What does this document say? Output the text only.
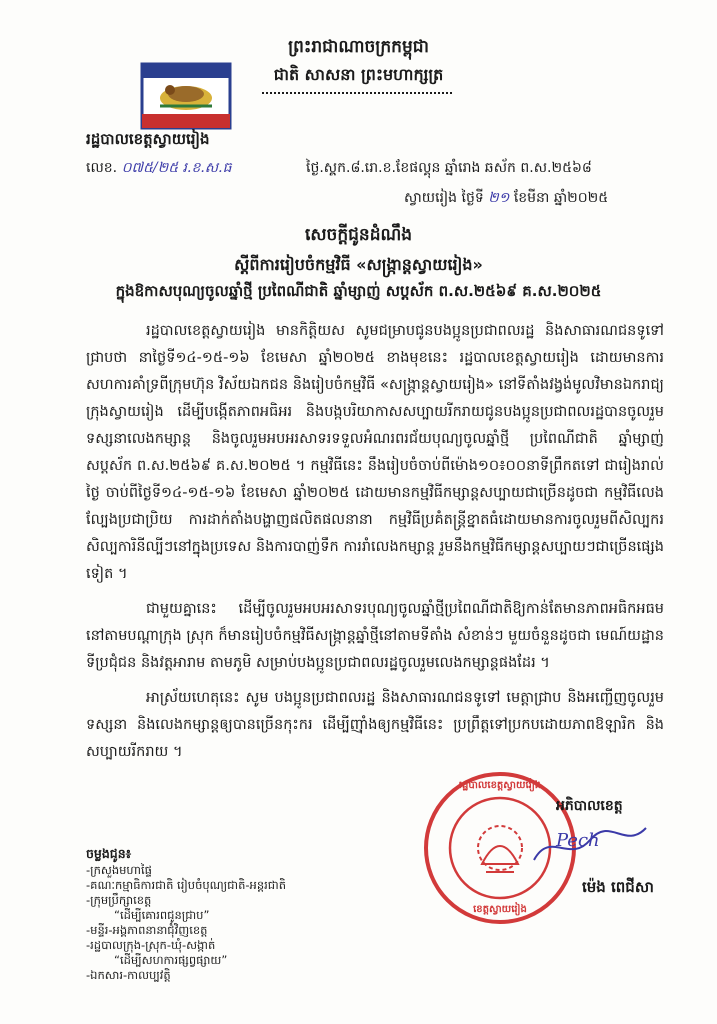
ព្រះរាជាណាចក្រកម្ពុជា
ជាតិ សាសនា ព្រះមហាក្សត្រ
រដ្ឋបាលខេត្តស្វាយរៀង
លេខ. ០៧៥/២៥ រ.ខ.ស.ធ	ថ្ងៃ.ស្ថ្កក.៨.រោ.ខ.ខែផល្គុន ឆ្នាំរោង ឆស័ក ព.ស.២៥៦៨
ស្វាយរៀង ថ្ងៃទី ២១ ខែមីនា ឆ្នាំ២០២៥
សេចក្តីជូនដំណឹង
ស្តីពីការរៀបចំកម្មវិធី «សង្រ្កាន្តស្វាយរៀង»
ក្នុងឱកាសបុណ្យចូលឆ្នាំថ្មី ប្រពៃណីជាតិ ឆ្នាំម្សាញ់ សប្តស័ក ព.ស.២៥៦៩ គ.ស.២០២៥

រដ្ឋបាលខេត្តស្វាយរៀង មានកិត្តិយស សូមជម្រាបជូនបងប្អូនប្រជាពលរដ្ឋ និងសាធារណជនទូទៅ ជ្រាបថា នាថ្ងៃទី១៤-១៥-១៦ ខែមេសា ឆ្នាំ២០២៥ ខាងមុខនេះ រដ្ឋបាលខេត្តស្វាយរៀង ដោយមានការសហការគាំទ្រពីក្រុមហ៊ុន វិស័យឯកជន និងរៀបចំកម្មវិធី «សង្រ្កាន្តស្វាយរៀង» នៅទីតាំងវង្វង់មូលវិមានឯករាជ្យ ក្រុងស្វាយរៀង ដើម្បីបង្កើតភាពអធិអរ និងបង្កបរិយាកាសសប្បាយរីករាយជូនបងប្អូនប្រជាពលរដ្ឋបានចូលរួមទស្សនាលេងកម្សាន្ត និងចូលរួមអបអរសាទរទទួលអំណរពរជ័យបុណ្យចូលឆ្នាំថ្មី ប្រពៃណីជាតិ ឆ្នាំម្សាញ់ សប្តស័ក ព.ស.២៥៦៩ គ.ស.២០២៥ ។ កម្មវិធីនេះ នឹងរៀបចំចាប់ពីម៉ោង១០៖០០នាទីព្រឹកតទៅ ជារៀងរាល់ថ្ងៃ ចាប់ពីថ្ងៃទី១៤-១៥-១៦ ខែមេសា ឆ្នាំ២០២៥ ដោយមានកម្មវិធីកម្សាន្តសប្បាយជាច្រើនដូចជា កម្មវិធីលេងល្បែងប្រជាប្រិយ ការដាក់តាំងបង្ហាញផលិតផលនានា កម្មវិធីប្រគំតន្រ្តីខ្នាតធំដោយមានការចូលរួមពីសិល្បករ សិល្បការិនីល្បីៗនៅក្នុងប្រទេស និងការបាញ់ទឹក ការរាំលេងកម្សាន្ត រួមនឹងកម្មវិធីកម្សាន្តសប្បាយៗជាច្រើនផ្សេងទៀត ។

ជាមួយគ្នានេះ ដើម្បីចូលរួមអបអរសាទរបុណ្យចូលឆ្នាំថ្មីប្រពៃណីជាតិឱ្យកាន់តែមានភាពអធិកអធម នៅតាមបណ្តាក្រុង ស្រុក ក៏មានរៀបចំកម្មវិធីសង្រ្កាន្តឆ្នាំថ្មីនៅតាមទីតាំង សំខាន់ៗ មួយចំនួនដូចជា មេណ៍យដ្ឋាន ទីប្រជុំជន និងវត្តអារាម តាមភូមិ សម្រាប់បងប្អូនប្រជាពលរដ្ឋចូលរួមលេងកម្សាន្តផងដែរ ។

អាស្រ័យហេតុនេះ សូម បងប្អូនប្រជាពលរដ្ឋ និងសាធារណជនទូទៅ មេត្តាជ្រាប និងអញ្ជើញចូលរួមទស្សនា និងលេងកម្សាន្តឲ្យបានច្រើនកុះករ ដើម្បីញ៉ាំងឲ្យកម្មវិធីនេះ ប្រព្រឹត្តទៅប្រកបដោយភាពឱឡារិក និងសប្បាយរីករាយ ។

រដ្ឋបាលខេត្តស្វាយរៀង
ខេត្តស្វាយរៀង
អភិបាលខេត្ត
Pech
ម៉េង ពេជីសា
ចម្លងជូន៖
-ក្រសួងមហាផ្ទៃ
-គណៈកម្មាធិការជាតិ រៀបចំបុណ្យជាតិ-អន្តរជាតិ
-ក្រុមប្រឹក្សាខេត្ត
“ដើម្បីគោរពជូនជ្រាប”
-មន្ទីរ-អង្គភាពនានាជុំវិញខេត្ត
-រដ្ឋបាលក្រុង-ស្រុក-ឃុំ-សង្កាត់
“ដើម្បីសហការផ្សព្វផ្សាយ”
-ឯកសារ-កាលប្បវត្តិ
